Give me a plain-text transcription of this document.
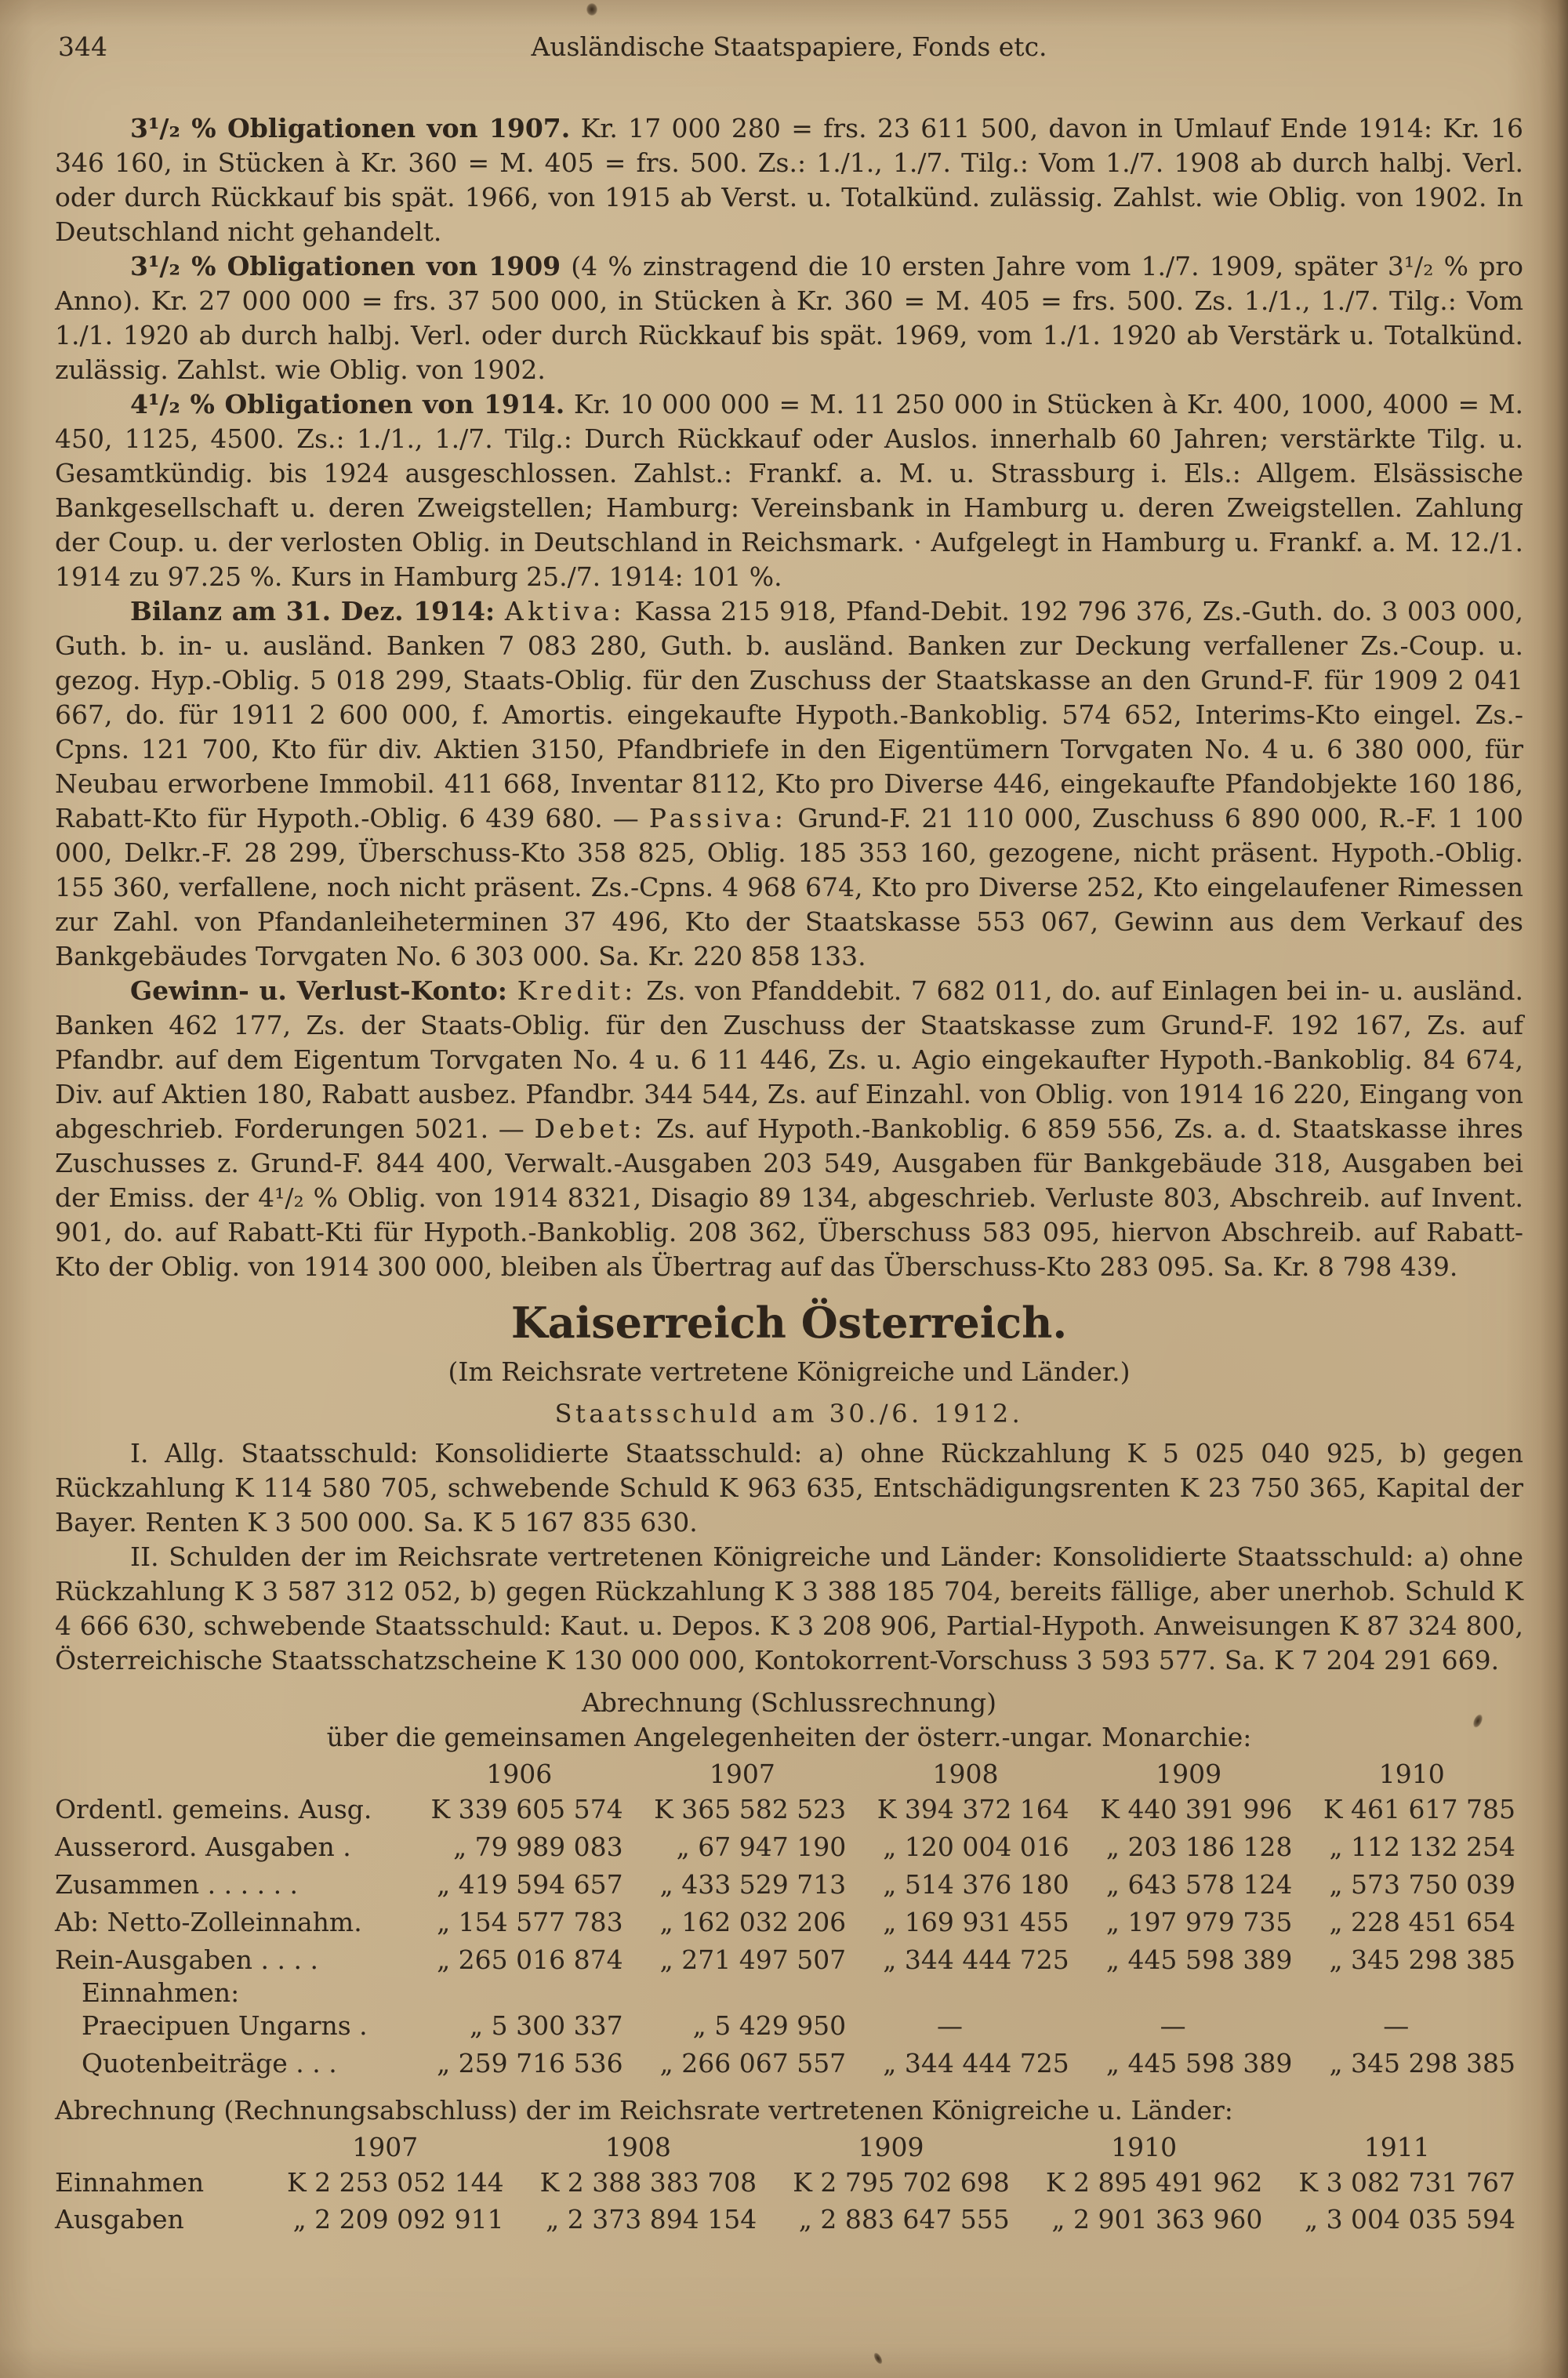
344	Ausländische Staatspapiere, Fonds etc.

3¹/₂ % Obligationen von 1907. Kr. 17 000 280 = frs. 23 611 500, davon in Umlauf Ende 1914: Kr. 16 346 160, in Stücken à Kr. 360 = M. 405 = frs. 500. Zs.: 1./1., 1./7. Tilg.: Vom 1./7. 1908 ab durch halbj. Verl. oder durch Rückkauf bis spät. 1966, von 1915 ab Verst. u. Totalkünd. zulässig. Zahlst. wie Oblig. von 1902. In Deutschland nicht gehandelt.

3¹/₂ % Obligationen von 1909 (4 % zinstragend die 10 ersten Jahre vom 1./7. 1909, später 3¹/₂ % pro Anno). Kr. 27 000 000 = frs. 37 500 000, in Stücken à Kr. 360 = M. 405 = frs. 500. Zs. 1./1., 1./7. Tilg.: Vom 1./1. 1920 ab durch halbj. Verl. oder durch Rückkauf bis spät. 1969, vom 1./1. 1920 ab Verstärk u. Totalkünd. zulässig. Zahlst. wie Oblig. von 1902.

4¹/₂ % Obligationen von 1914. Kr. 10 000 000 = M. 11 250 000 in Stücken à Kr. 400, 1000, 4000 = M. 450, 1125, 4500. Zs.: 1./1., 1./7. Tilg.: Durch Rückkauf oder Auslos. innerhalb 60 Jahren; verstärkte Tilg. u. Gesamtkündig. bis 1924 ausgeschlossen. Zahlst.: Frankf. a. M. u. Strassburg i. Els.: Allgem. Elsässische Bankgesellschaft u. deren Zweigstellen; Hamburg: Vereinsbank in Hamburg u. deren Zweigstellen. Zahlung der Coup. u. der verlosten Oblig. in Deutschland in Reichsmark. · Aufgelegt in Hamburg u. Frankf. a. M. 12./1. 1914 zu 97.25 %. Kurs in Hamburg 25./7. 1914: 101 %.

Bilanz am 31. Dez. 1914: Aktiva: Kassa 215 918, Pfand-Debit. 192 796 376, Zs.-Guth. do. 3 003 000, Guth. b. in- u. ausländ. Banken 7 083 280, Guth. b. ausländ. Banken zur Deckung verfallener Zs.-Coup. u. gezog. Hyp.-Oblig. 5 018 299, Staats-Oblig. für den Zuschuss der Staatskasse an den Grund-F. für 1909 2 041 667, do. für 1911 2 600 000, f. Amortis. eingekaufte Hypoth.-Bankoblig. 574 652, Interims-Kto eingel. Zs.-Cpns. 121 700, Kto für div. Aktien 3150, Pfandbriefe in den Eigentümern Torvgaten No. 4 u. 6 380 000, für Neubau erworbene Immobil. 411 668, Inventar 8112, Kto pro Diverse 446, eingekaufte Pfandobjekte 160 186, Rabatt-Kto für Hypoth.-Oblig. 6 439 680. — Passiva: Grund-F. 21 110 000, Zuschuss 6 890 000, R.-F. 1 100 000, Delkr.-F. 28 299, Überschuss-Kto 358 825, Oblig. 185 353 160, gezogene, nicht präsent. Hypoth.-Oblig. 155 360, verfallene, noch nicht präsent. Zs.-Cpns. 4 968 674, Kto pro Diverse 252, Kto eingelaufener Rimessen zur Zahl. von Pfandanleiheterminen 37 496, Kto der Staatskasse 553 067, Gewinn aus dem Verkauf des Bankgebäudes Torvgaten No. 6 303 000. Sa. Kr. 220 858 133.

Gewinn- u. Verlust-Konto: Kredit: Zs. von Pfanddebit. 7 682 011, do. auf Einlagen bei in- u. ausländ. Banken 462 177, Zs. der Staats-Oblig. für den Zuschuss der Staatskasse zum Grund-F. 192 167, Zs. auf Pfandbr. auf dem Eigentum Torvgaten No. 4 u. 6 11 446, Zs. u. Agio eingekaufter Hypoth.-Bankoblig. 84 674, Div. auf Aktien 180, Rabatt ausbez. Pfandbr. 344 544, Zs. auf Einzahl. von Oblig. von 1914 16 220, Eingang von abgeschrieb. Forderungen 5021. — Debet: Zs. auf Hypoth.-Bankoblig. 6 859 556, Zs. a. d. Staatskasse ihres Zuschusses z. Grund-F. 844 400, Verwalt.-Ausgaben 203 549, Ausgaben für Bankgebäude 318, Ausgaben bei der Emiss. der 4¹/₂ % Oblig. von 1914 8321, Disagio 89 134, abgeschrieb. Verluste 803, Abschreib. auf Invent. 901, do. auf Rabatt-Kti für Hypoth.-Bankoblig. 208 362, Überschuss 583 095, hiervon Abschreib. auf Rabatt-Kto der Oblig. von 1914 300 000, bleiben als Übertrag auf das Überschuss-Kto 283 095. Sa. Kr. 8 798 439.

Kaiserreich Österreich.
(Im Reichsrate vertretene Königreiche und Länder.)
Staatsschuld am 30./6. 1912.

I. Allg. Staatsschuld: Konsolidierte Staatsschuld: a) ohne Rückzahlung K 5 025 040 925, b) gegen Rückzahlung K 114 580 705, schwebende Schuld K 963 635, Entschädigungsrenten K 23 750 365, Kapital der Bayer. Renten K 3 500 000. Sa. K 5 167 835 630.

II. Schulden der im Reichsrate vertretenen Königreiche und Länder: Konsolidierte Staatsschuld: a) ohne Rückzahlung K 3 587 312 052, b) gegen Rückzahlung K 3 388 185 704, bereits fällige, aber unerhob. Schuld K 4 666 630, schwebende Staatsschuld: Kaut. u. Depos. K 3 208 906, Partial-Hypoth. Anweisungen K 87 324 800, Österreichische Staatsschatzscheine K 130 000 000, Kontokorrent-Vorschuss 3 593 577. Sa. K 7 204 291 669.

Abrechnung (Schlussrechnung)
über die gemeinsamen Angelegenheiten der österr.-ungar. Monarchie:
1906	1907	1908	1909	1910
Ordentl. gemeins. Ausg.	K 339 605 574	K 365 582 523	K 394 372 164	K 440 391 996	K 461 617 785
Ausserord. Ausgaben .	„ 79 989 083	„ 67 947 190	„ 120 004 016	„ 203 186 128	„ 112 132 254
Zusammen . . . . . .	„ 419 594 657	„ 433 529 713	„ 514 376 180	„ 643 578 124	„ 573 750 039
Ab: Netto-Zolleinnahm.	„ 154 577 783	„ 162 032 206	„ 169 931 455	„ 197 979 735	„ 228 451 654
Rein-Ausgaben . . . .	„ 265 016 874	„ 271 497 507	„ 344 444 725	„ 445 598 389	„ 345 298 385
Einnahmen:
Praecipuen Ungarns .	„ 5 300 337	„ 5 429 950	—	—	—
Quotenbeiträge . . .	„ 259 716 536	„ 266 067 557	„ 344 444 725	„ 445 598 389	„ 345 298 385
Abrechnung (Rechnungsabschluss) der im Reichsrate vertretenen Königreiche u. Länder:
1907	1908	1909	1910	1911
Einnahmen	K 2 253 052 144	K 2 388 383 708	K 2 795 702 698	K 2 895 491 962	K 3 082 731 767
Ausgaben	„ 2 209 092 911	„ 2 373 894 154	„ 2 883 647 555	„ 2 901 363 960	„ 3 004 035 594
